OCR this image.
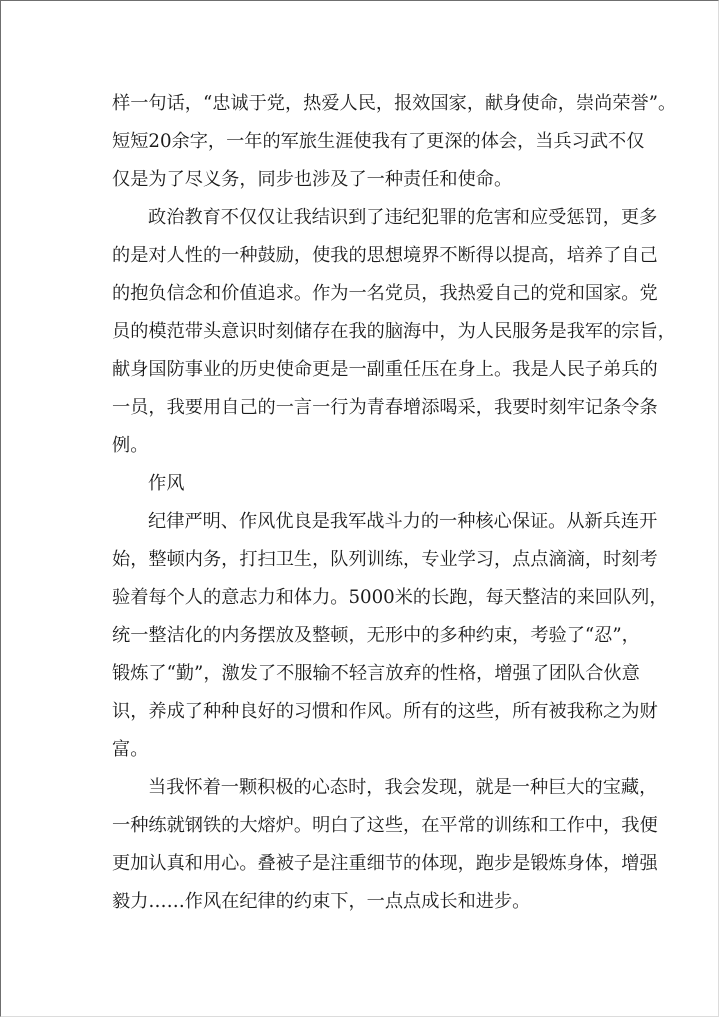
样一句话，“忠诚于党，热爱人民，报效国家，献身使命，崇尚荣誉”。
短短20余字，一年的军旅生涯使我有了更深的体会，当兵习武不仅
仅是为了尽义务，同步也涉及了一种责任和使命。
政治教育不仅仅让我结识到了违纪犯罪的危害和应受惩罚，更多
的是对人性的一种鼓励，使我的思想境界不断得以提高，培养了自己
的抱负信念和价值追求。作为一名党员，我热爱自己的党和国家。党
员的模范带头意识时刻储存在我的脑海中，为人民服务是我军的宗旨，
献身国防事业的历史使命更是一副重任压在身上。我是人民子弟兵的
一员，我要用自己的一言一行为青春增添喝采，我要时刻牢记条令条
例。
作风
纪律严明、作风优良是我军战斗力的一种核心保证。从新兵连开
始，整顿内务，打扫卫生，队列训练，专业学习，点点滴滴，时刻考
验着每个人的意志力和体力。5000米的长跑，每天整洁的来回队列，
统一整洁化的内务摆放及整顿，无形中的多种约束，考验了“忍”，
锻炼了“勤”，激发了不服输不轻言放弃的性格，增强了团队合伙意
识，养成了种种良好的习惯和作风。所有的这些，所有被我称之为财
富。
当我怀着一颗积极的心态时，我会发现，就是一种巨大的宝藏，
一种练就钢铁的大熔炉。明白了这些，在平常的训练和工作中，我便
更加认真和用心。叠被子是注重细节的体现，跑步是锻炼身体，增强
毅力……作风在纪律的约束下，一点点成长和进步。
